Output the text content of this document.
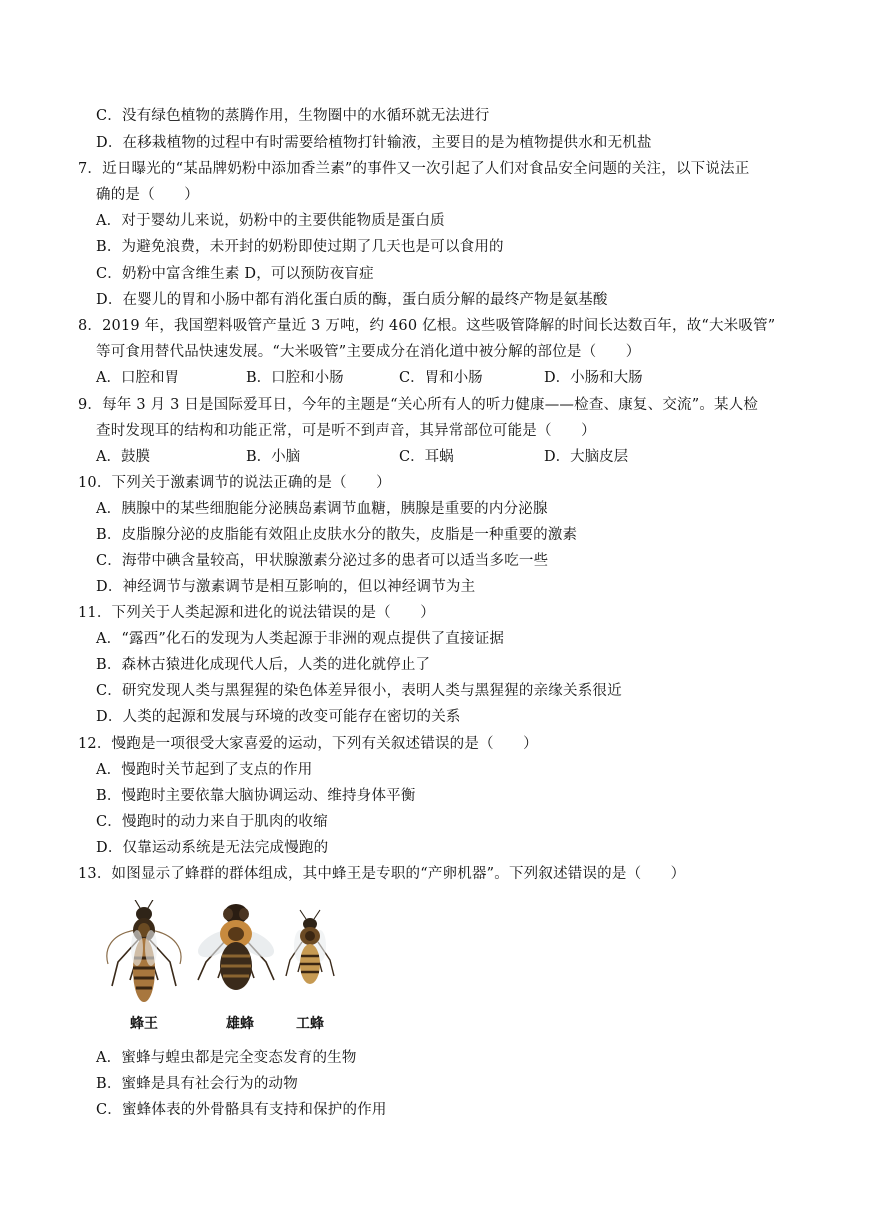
C．没有绿色植物的蒸腾作用，生物圈中的水循环就无法进行
D．在移栽植物的过程中有时需要给植物打针输液，主要目的是为植物提供水和无机盐
7．近日曝光的“某品牌奶粉中添加香兰素”的事件又一次引起了人们对食品安全问题的关注，以下说法正
确的是（　　）
A．对于婴幼儿来说，奶粉中的主要供能物质是蛋白质
B．为避免浪费，未开封的奶粉即使过期了几天也是可以食用的
C．奶粉中富含维生素 D，可以预防夜盲症
D．在婴儿的胃和小肠中都有消化蛋白质的酶，蛋白质分解的最终产物是氨基酸
8．2019 年，我国塑料吸管产量近 3 万吨，约 460 亿根。这些吸管降解的时间长达数百年，故“大米吸管”
等可食用替代品快速发展。“大米吸管”主要成分在消化道中被分解的部位是（　　）
A．口腔和胃	B．口腔和小肠	C．胃和小肠	D．小肠和大肠
9．每年 3 月 3 日是国际爱耳日，今年的主题是“关心所有人的听力健康——检查、康复、交流”。某人检
查时发现耳的结构和功能正常，可是听不到声音，其异常部位可能是（　　）
A．鼓膜	B．小脑	C．耳蜗	D．大脑皮层
10．下列关于激素调节的说法正确的是（　　）
A．胰腺中的某些细胞能分泌胰岛素调节血糖，胰腺是重要的内分泌腺
B．皮脂腺分泌的皮脂能有效阻止皮肤水分的散失，皮脂是一种重要的激素
C．海带中碘含量较高，甲状腺激素分泌过多的患者可以适当多吃一些
D．神经调节与激素调节是相互影响的，但以神经调节为主
11．下列关于人类起源和进化的说法错误的是（　　）
A．“露西”化石的发现为人类起源于非洲的观点提供了直接证据
B．森林古猿进化成现代人后，人类的进化就停止了
C．研究发现人类与黑猩猩的染色体差异很小，表明人类与黑猩猩的亲缘关系很近
D．人类的起源和发展与环境的改变可能存在密切的关系
12．慢跑是一项很受大家喜爱的运动，下列有关叙述错误的是（　　）
A．慢跑时关节起到了支点的作用
B．慢跑时主要依靠大脑协调运动、维持身体平衡
C．慢跑时的动力来自于肌肉的收缩
D．仅靠运动系统是无法完成慢跑的
13．如图显示了蜂群的群体组成，其中蜂王是专职的“产卵机器”。下列叙述错误的是（　　）
蜂王	雄蜂	工蜂
A．蜜蜂与蝗虫都是完全变态发育的生物
B．蜜蜂是具有社会行为的动物
C．蜜蜂体表的外骨骼具有支持和保护的作用
